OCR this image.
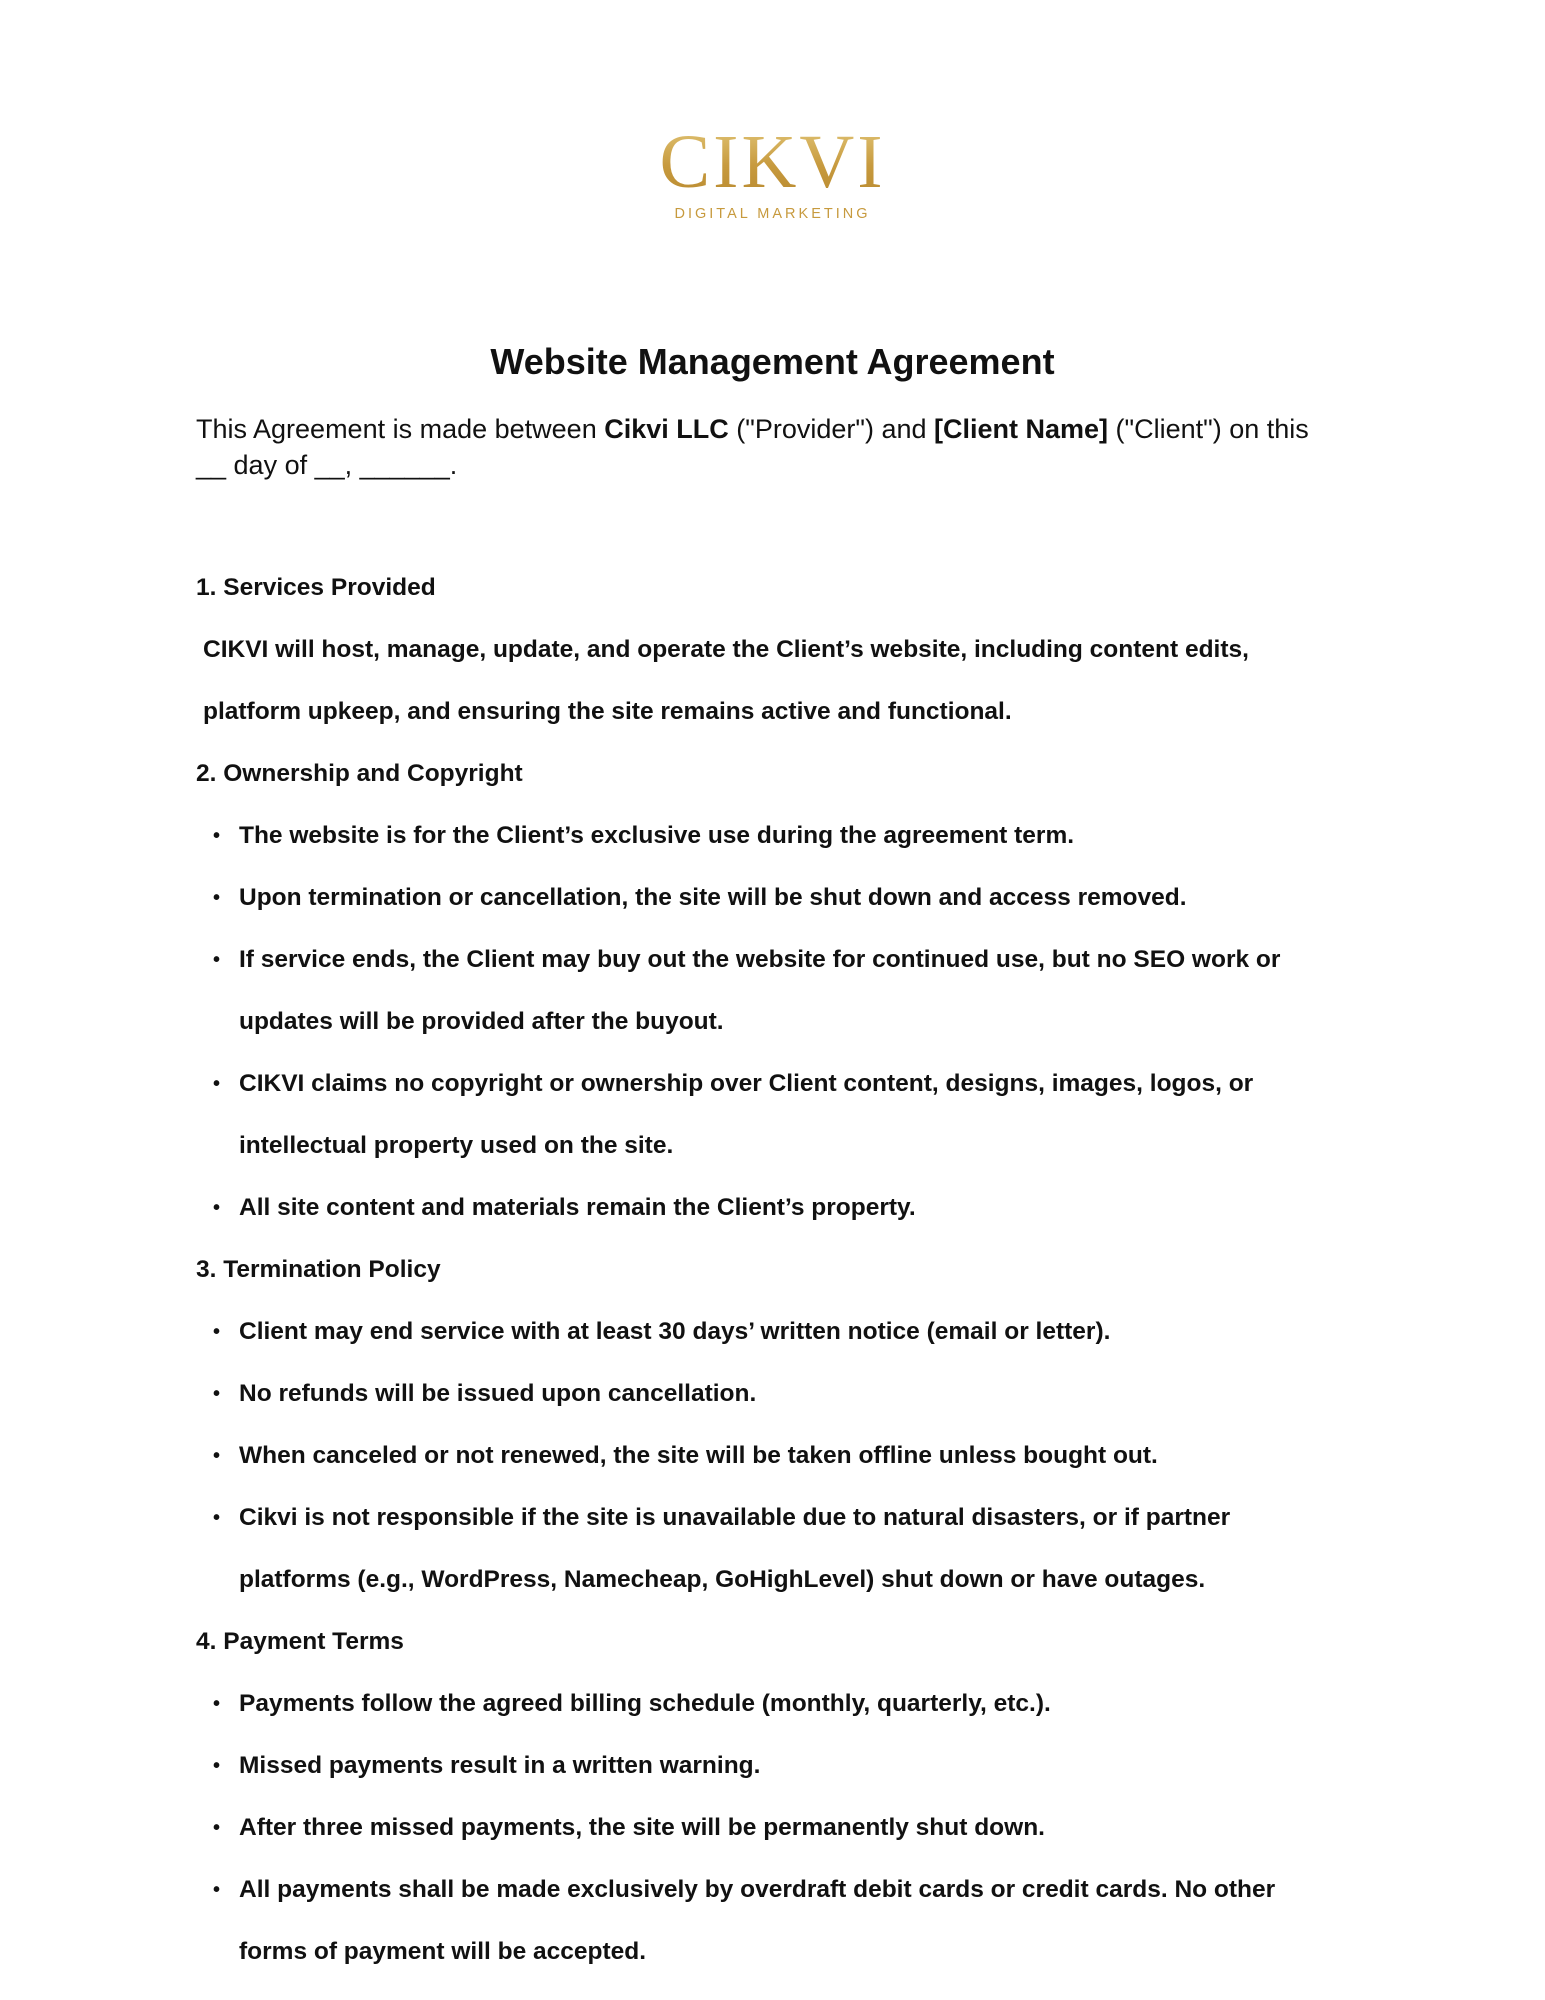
CIKVI
DIGITAL MARKETING
Website Management Agreement
This Agreement is made between Cikvi LLC ("Provider") and [Client Name] ("Client") on this
__ day of __, ______.
1. Services Provided
CIKVI will host, manage, update, and operate the Client’s website, including content edits,
platform upkeep, and ensuring the site remains active and functional.
2. Ownership and Copyright
• The website is for the Client’s exclusive use during the agreement term.
• Upon termination or cancellation, the site will be shut down and access removed.
• If service ends, the Client may buy out the website for continued use, but no SEO work or
updates will be provided after the buyout.
• CIKVI claims no copyright or ownership over Client content, designs, images, logos, or
intellectual property used on the site.
• All site content and materials remain the Client’s property.
3. Termination Policy
• Client may end service with at least 30 days’ written notice (email or letter).
• No refunds will be issued upon cancellation.
• When canceled or not renewed, the site will be taken offline unless bought out.
• Cikvi is not responsible if the site is unavailable due to natural disasters, or if partner
platforms (e.g., WordPress, Namecheap, GoHighLevel) shut down or have outages.
4. Payment Terms
• Payments follow the agreed billing schedule (monthly, quarterly, etc.).
• Missed payments result in a written warning.
• After three missed payments, the site will be permanently shut down.
• All payments shall be made exclusively by overdraft debit cards or credit cards. No other
forms of payment will be accepted.
